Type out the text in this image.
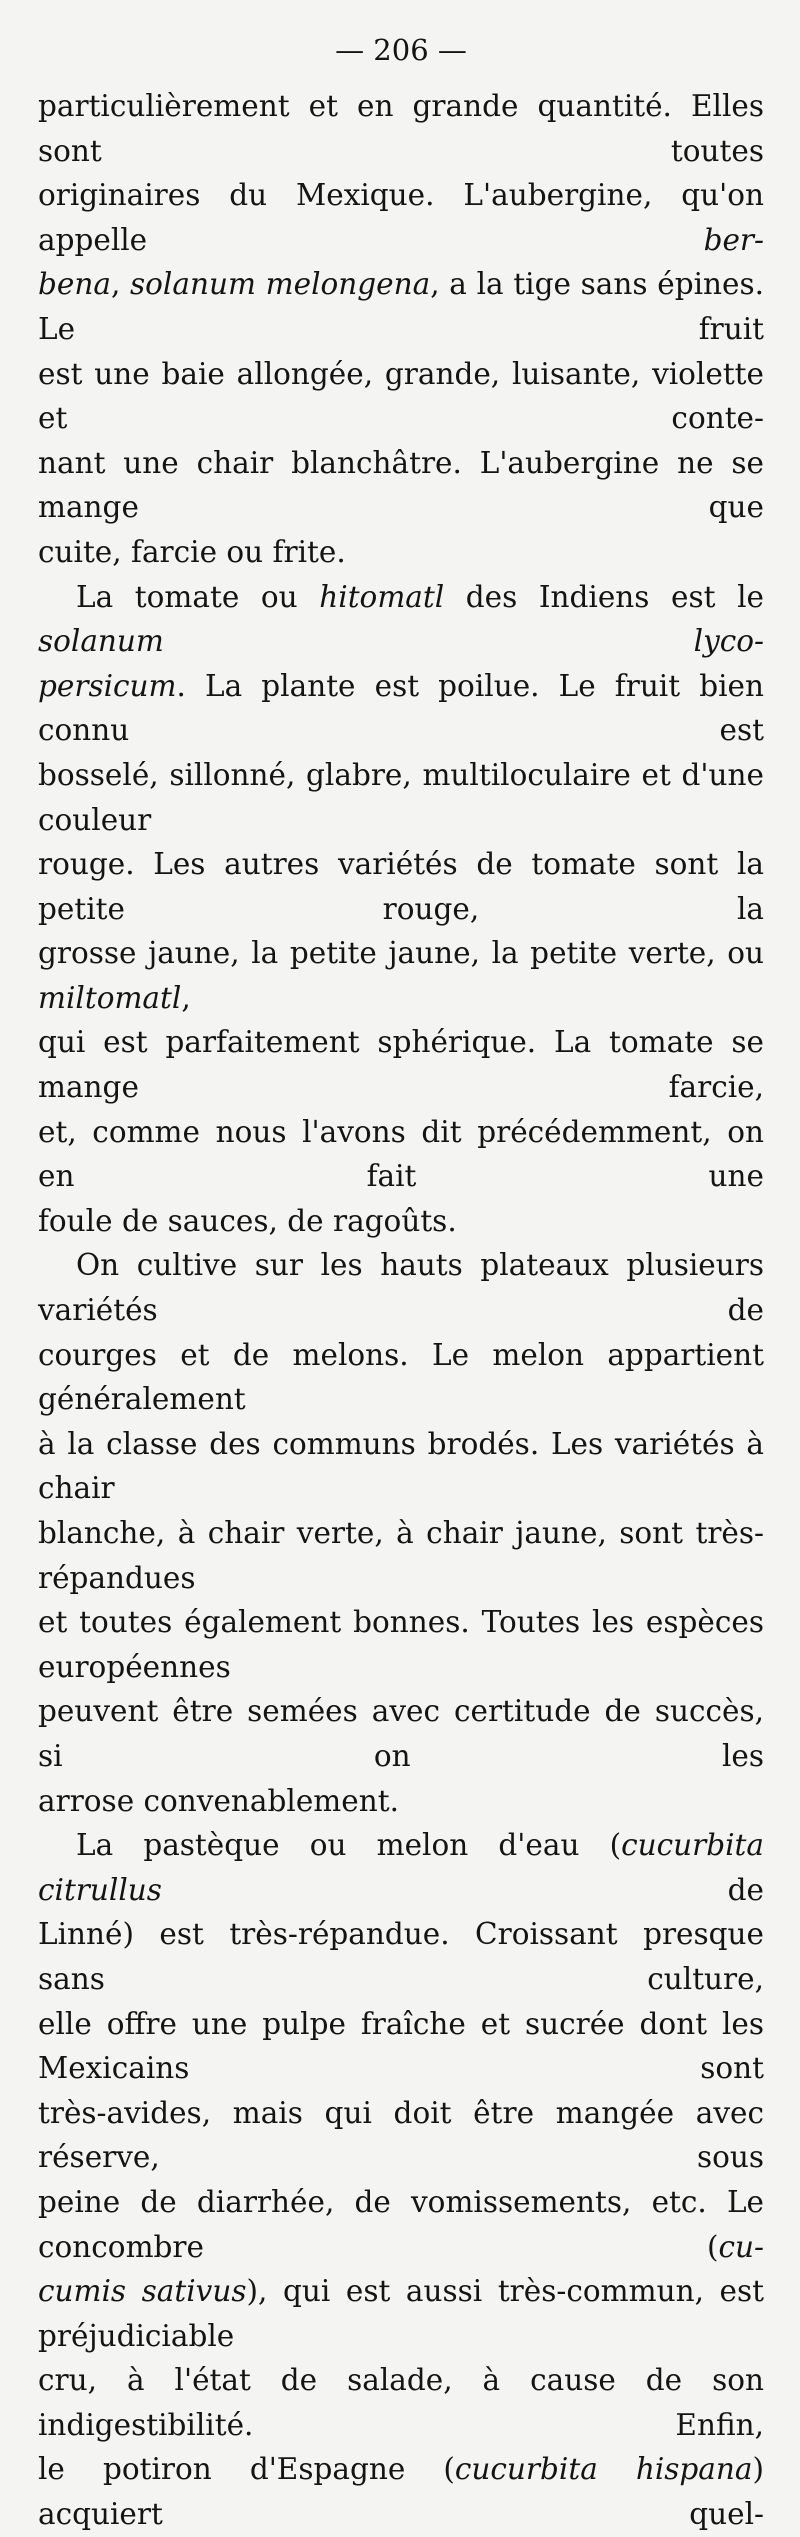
— 206 —

particulièrement et en grande quantité. Elles sont toutes
originaires du Mexique. L'aubergine, qu'on appelle ber-
bena, solanum melongena, a la tige sans épines. Le fruit
est une baie allongée, grande, luisante, violette et conte-
nant une chair blanchâtre. L'aubergine ne se mange que
cuite, farcie ou frite.

La tomate ou hitomatl des Indiens est le solanum lyco-
persicum. La plante est poilue. Le fruit bien connu est
bosselé, sillonné, glabre, multiloculaire et d'une couleur
rouge. Les autres variétés de tomate sont la petite rouge, la
grosse jaune, la petite jaune, la petite verte, ou miltomatl,
qui est parfaitement sphérique. La tomate se mange farcie,
et, comme nous l'avons dit précédemment, on en fait une
foule de sauces, de ragoûts.

On cultive sur les hauts plateaux plusieurs variétés de
courges et de melons. Le melon appartient généralement
à la classe des communs brodés. Les variétés à chair
blanche, à chair verte, à chair jaune, sont très-répandues
et toutes également bonnes. Toutes les espèces européennes
peuvent être semées avec certitude de succès, si on les
arrose convenablement.

La pastèque ou melon d'eau (cucurbita citrullus de
Linné) est très-répandue. Croissant presque sans culture,
elle offre une pulpe fraîche et sucrée dont les Mexicains sont
très-avides, mais qui doit être mangée avec réserve, sous
peine de diarrhée, de vomissements, etc. Le concombre (cu-
cumis sativus), qui est aussi très-commun, est préjudiciable
cru, à l'état de salade, à cause de son indigestibilité. Enfin,
le potiron d'Espagne (cucurbita hispana) acquiert quel-
